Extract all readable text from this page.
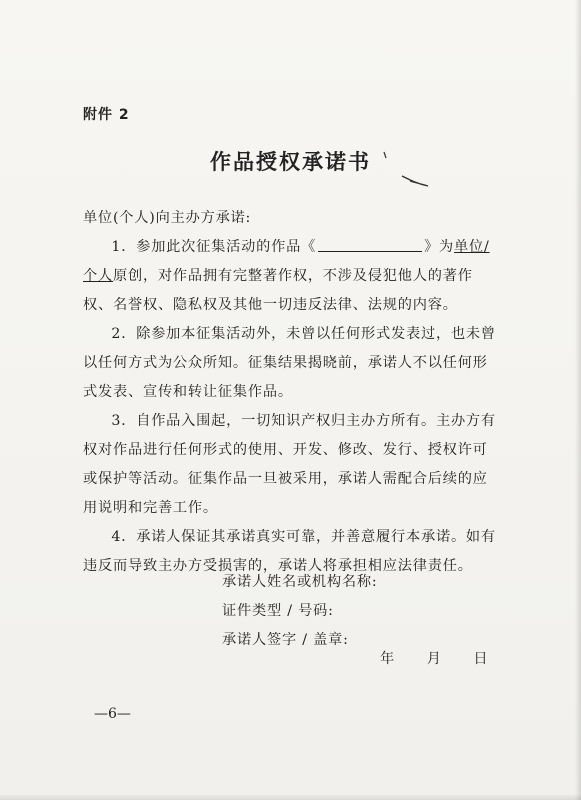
附件 2
作品授权承诺书

单位(个人)向主办方承诺:

1．参加此次征集活动的作品《	》为单位/个人原创，对作品拥有完整著作权，不涉及侵犯他人的著作权、名誉权、隐私权及其他一切违反法律、法规的内容。

2．除参加本征集活动外，未曾以任何形式发表过，也未曾以任何方式为公众所知。征集结果揭晓前，承诺人不以任何形式发表、宣传和转让征集作品。

3．自作品入围起，一切知识产权归主办方所有。主办方有权对作品进行任何形式的使用、开发、修改、发行、授权许可或保护等活动。征集作品一旦被采用，承诺人需配合后续的应用说明和完善工作。

4．承诺人保证其承诺真实可靠，并善意履行本承诺。如有违反而导致主办方受损害的，承诺人将承担相应法律责任。

承诺人姓名或机构名称:

证件类型 / 号码:

承诺人签字 / 盖章:

年 月 日
—6—
